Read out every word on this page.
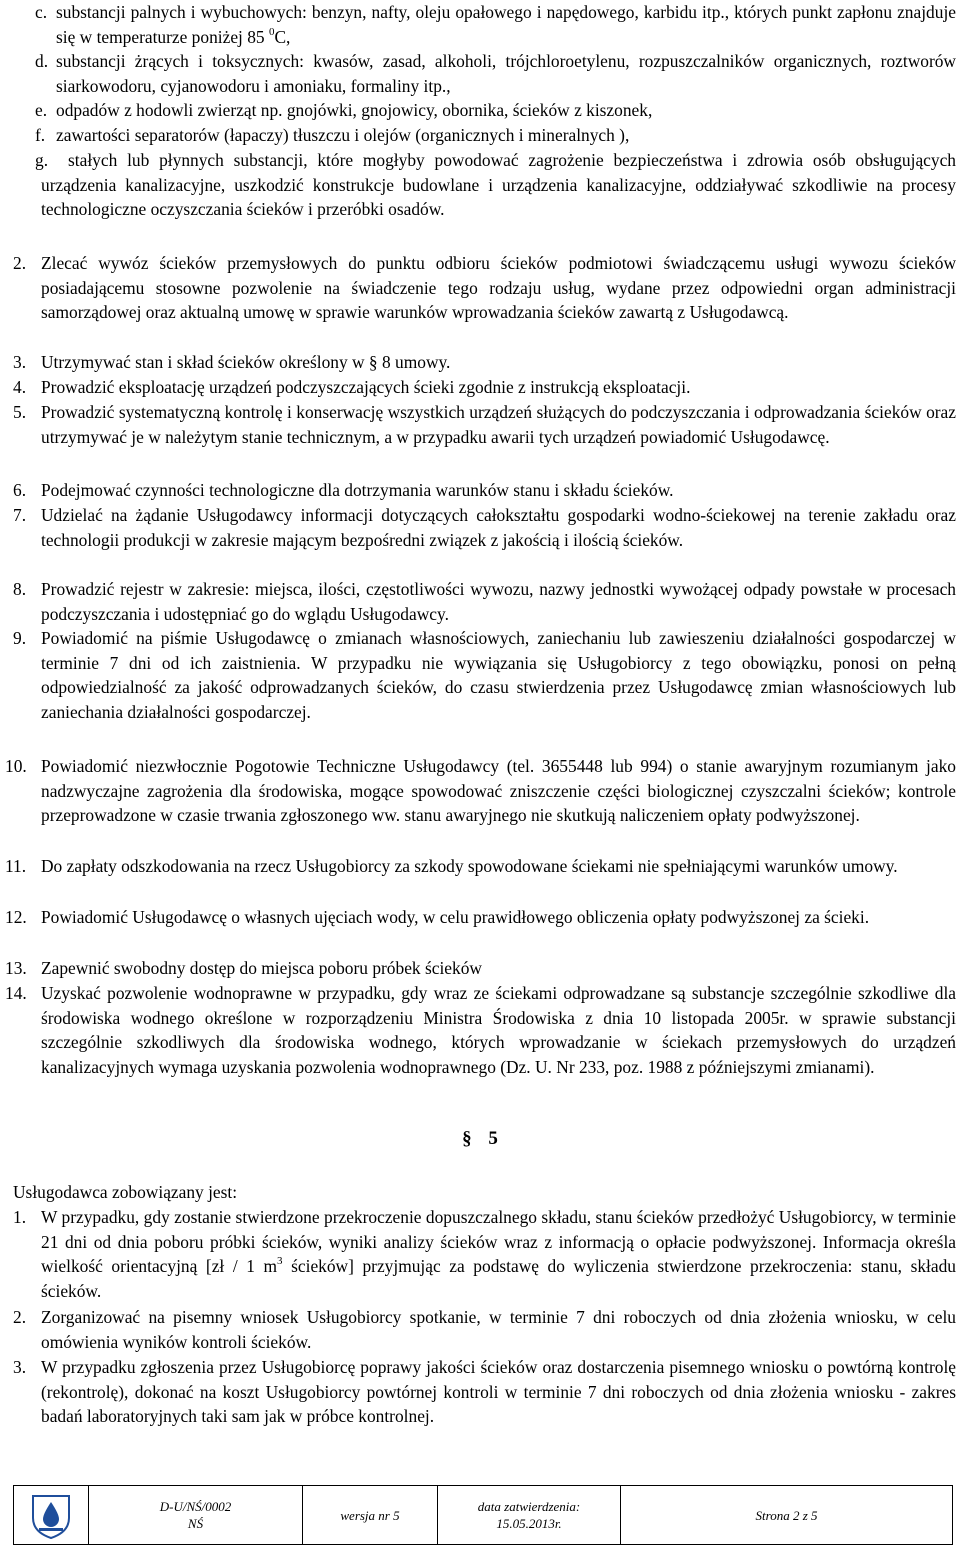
c. substancji palnych i wybuchowych: benzyn, nafty, oleju opałowego i napędowego, karbidu itp., których punkt zapłonu znajduje się w temperaturze poniżej 85 $^0$C,
d. substancji żrących i toksycznych: kwasów, zasad, alkoholi, trójchloroetylenu, rozpuszczalników organicznych, roztworów siarkowodoru, cyjanowodoru i amoniaku, formaliny itp.,
e. odpadów z hodowli zwierząt np. gnojówki, gnojowicy, obornika, ścieków z kiszonek,
f. zawartości separatorów (łapaczy) tłuszczu i olejów (organicznych i mineralnych ),
g.	stałych lub płynnych substancji, które mogłyby powodować zagrożenie bezpieczeństwa i zdrowia osób obsługujących urządzenia kanalizacyjne, uszkodzić konstrukcje budowlane i urządzenia kanalizacyjne, oddziaływać szkodliwie na procesy technologiczne oczyszczania ścieków i przeróbki osadów.
2. Zlecać wywóz ścieków przemysłowych do punktu odbioru ścieków podmiotowi świadczącemu usługi wywozu ścieków posiadającemu stosowne pozwolenie na świadczenie tego rodzaju usług, wydane przez odpowiedni organ administracji samorządowej oraz aktualną umowę w sprawie warunków wprowadzania ścieków zawartą z Usługodawcą.
3. Utrzymywać stan i skład ścieków określony w § 8 umowy.
4. Prowadzić eksploatację urządzeń podczyszczających ścieki zgodnie z instrukcją eksploatacji.
5. Prowadzić systematyczną kontrolę i konserwację wszystkich urządzeń służących do podczyszczania i odprowadzania ścieków oraz utrzymywać je w należytym stanie technicznym, a w przypadku awarii tych urządzeń powiadomić Usługodawcę.
6. Podejmować czynności technologiczne dla dotrzymania warunków stanu i składu ścieków.
7. Udzielać na żądanie Usługodawcy informacji dotyczących całokształtu gospodarki wodno-ściekowej na terenie zakładu oraz technologii produkcji w zakresie mającym bezpośredni związek z jakością i ilością ścieków.
8. Prowadzić rejestr w zakresie: miejsca, ilości, częstotliwości wywozu, nazwy jednostki wywożącej odpady powstałe w procesach podczyszczania i udostępniać go do wglądu Usługodawcy.
9. Powiadomić na piśmie Usługodawcę o zmianach własnościowych, zaniechaniu lub zawieszeniu działalności gospodarczej w terminie 7 dni od ich zaistnienia. W przypadku nie wywiązania się Usługobiorcy z tego obowiązku, ponosi on pełną odpowiedzialność za jakość odprowadzanych ścieków, do czasu stwierdzenia przez Usługodawcę zmian własnościowych lub zaniechania działalności gospodarczej.
10. Powiadomić niezwłocznie Pogotowie Techniczne Usługodawcy (tel. 3655448 lub 994) o stanie awaryjnym rozumianym jako nadzwyczajne zagrożenia dla środowiska, mogące spowodować zniszczenie części biologicznej czyszczalni ścieków; kontrole przeprowadzone w czasie trwania zgłoszonego ww. stanu awaryjnego nie skutkują naliczeniem opłaty podwyższonej.
11. Do zapłaty odszkodowania na rzecz Usługobiorcy za szkody spowodowane ściekami nie spełniającymi warunków umowy.
12. Powiadomić Usługodawcę o własnych ujęciach wody, w celu prawidłowego obliczenia opłaty podwyższonej za ścieki.
13. Zapewnić swobodny dostęp do miejsca poboru próbek ścieków
14. Uzyskać pozwolenie wodnoprawne w przypadku, gdy wraz ze ściekami odprowadzane są substancje szczególnie szkodliwe dla środowiska wodnego określone w rozporządzeniu Ministra Środowiska z dnia 10 listopada 2005r. w sprawie substancji szczególnie szkodliwych dla środowiska wodnego, których wprowadzanie w ściekach przemysłowych do urządzeń kanalizacyjnych wymaga uzyskania pozwolenia wodnoprawnego (Dz. U. Nr 233, poz. 1988 z późniejszymi zmianami).
§ 5
Usługodawca zobowiązany jest:
1. W przypadku, gdy zostanie stwierdzone przekroczenie dopuszczalnego składu, stanu ścieków przedłożyć Usługobiorcy, w terminie 21 dni od dnia poboru próbki ścieków, wyniki analizy ścieków wraz z informacją o opłacie podwyższonej. Informacja określa wielkość orientacyjną [zł / 1 $m^3$ ścieków] przyjmując za podstawę do wyliczenia stwierdzone przekroczenia: stanu, składu ścieków.
2. Zorganizować na pisemny wniosek Usługobiorcy spotkanie, w terminie 7 dni roboczych od dnia złożenia wniosku, w celu omówienia wyników kontroli ścieków.
3. W przypadku zgłoszenia przez Usługobiorcę poprawy jakości ścieków oraz dostarczenia pisemnego wniosku o powtórną kontrolę (rekontrolę), dokonać na koszt Usługobiorcy powtórnej kontroli w terminie 7 dni roboczych od dnia złożenia wniosku - zakres badań laboratoryjnych taki sam jak w próbce kontrolnej.

D-U/NŚ/0002
NŚ
	wersja nr 5	
data zatwierdzenia:
15.05.2013r.
	Strona 2 z 5
